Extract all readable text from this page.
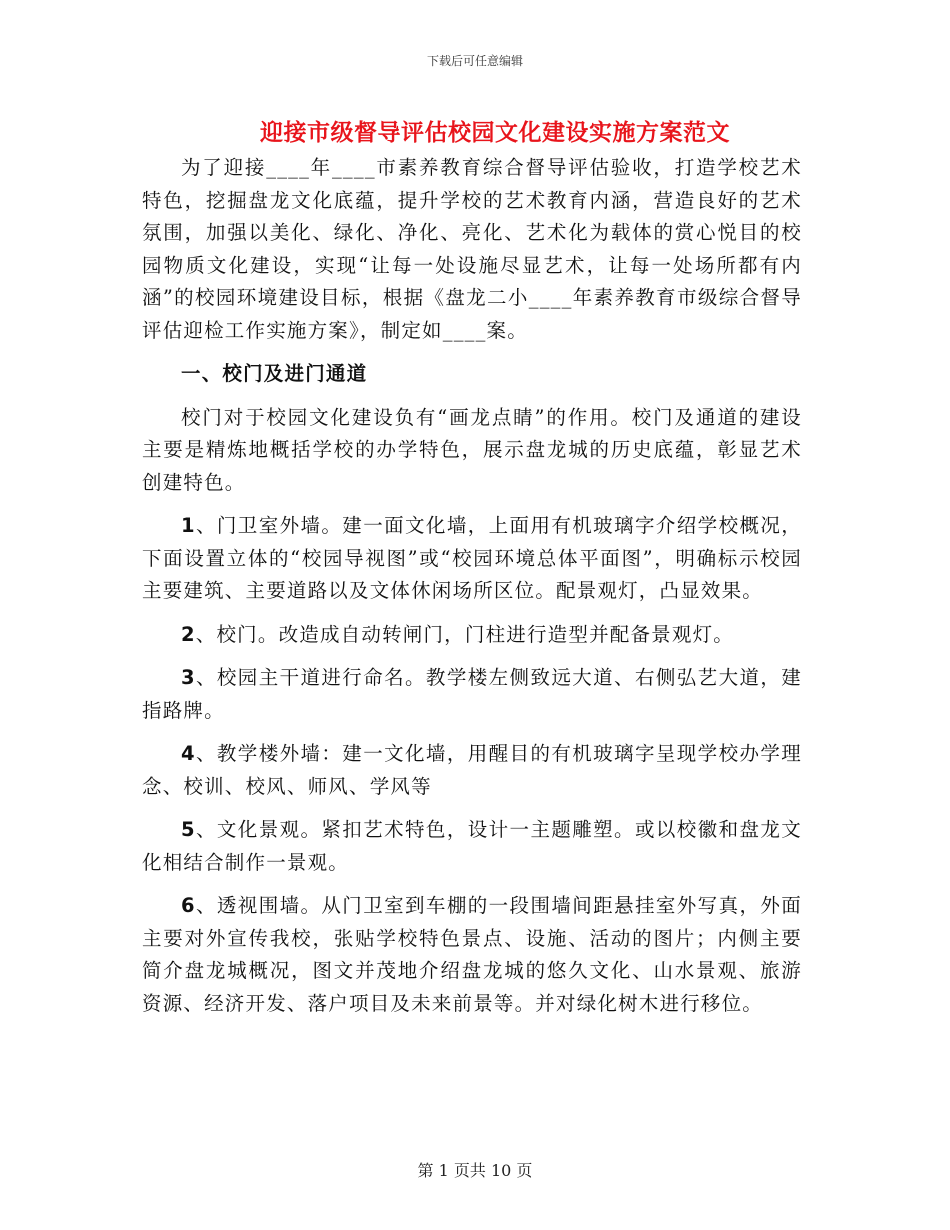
下载后可任意编辑
迎接市级督导评估校园文化建设实施方案范文

为了迎接____年____市素养教育综合督导评估验收，打造学校艺术特色，挖掘盘龙文化底蕴，提升学校的艺术教育内涵，营造良好的艺术氛围，加强以美化、绿化、净化、亮化、艺术化为载体的赏心悦目的校园物质文化建设，实现“让每一处设施尽显艺术，让每一处场所都有内涵”的校园环境建设目标，根据《盘龙二小____年素养教育市级综合督导评估迎检工作实施方案》，制定如____案。

一、校门及进门通道

校门对于校园文化建设负有“画龙点睛”的作用。校门及通道的建设主要是精炼地概括学校的办学特色，展示盘龙城的历史底蕴，彰显艺术创建特色。

1、门卫室外墙。建一面文化墙，上面用有机玻璃字介绍学校概况，下面设置立体的“校园导视图”或“校园环境总体平面图”，明确标示校园主要建筑、主要道路以及文体休闲场所区位。配景观灯，凸显效果。

2、校门。改造成自动转闸门，门柱进行造型并配备景观灯。

3、校园主干道进行命名。教学楼左侧致远大道、右侧弘艺大道，建指路牌。

4、教学楼外墙：建一文化墙，用醒目的有机玻璃字呈现学校办学理念、校训、校风、师风、学风等

5、文化景观。紧扣艺术特色，设计一主题雕塑。或以校徽和盘龙文化相结合制作一景观。

6、透视围墙。从门卫室到车棚的一段围墙间距悬挂室外写真，外面主要对外宣传我校，张贴学校特色景点、设施、活动的图片；内侧主要简介盘龙城概况，图文并茂地介绍盘龙城的悠久文化、山水景观、旅游资源、经济开发、落户项目及未来前景等。并对绿化树木进行移位。

第 1 页共 10 页
